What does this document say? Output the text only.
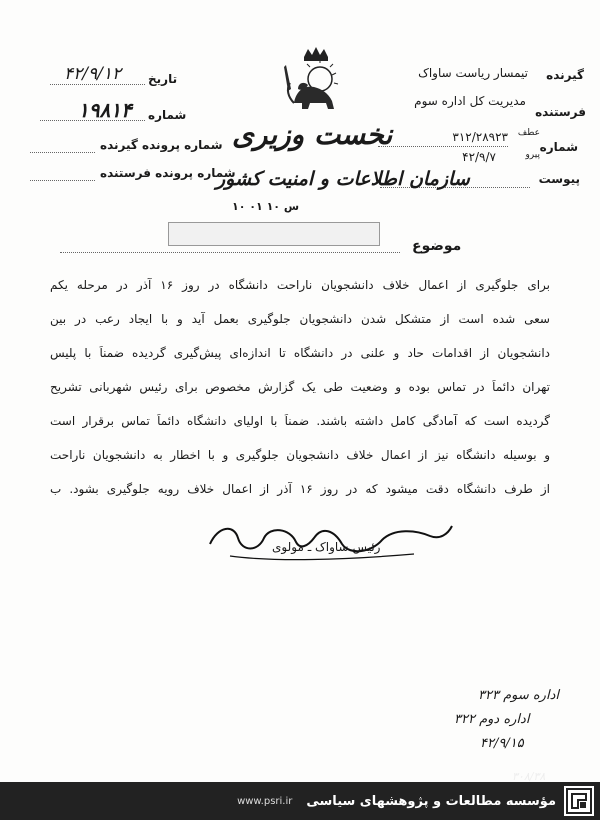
گیرنده
تیمسار ریاست ساواک
فرستنده
مدیریت کل اداره سوم
شماره
عطف
پیرو
۳۱۲/۲۸۹۲۳
۴۲/۹/۷
پیوست
نخست وزیری
سازمان اطلاعات و امنیت کشور
س ۱۰ ۰۱ ۱۰
تاریخ
۴۲/۹/۱۲
شماره
۱۹۸۱۴
شماره پرونده گیرنده
شماره پرونده فرستنده
موضوع
برای جلوگیری از اعمال خلاف دانشجویان ناراحت دانشگاه در روز ۱۶ آذر در مرحله یکم
سعی شده است از متشکل شدن دانشجویان جلوگیری بعمل آید و با ایجاد رعب در بین
دانشجویان از اقدامات حاد و علنی در دانشگاه تا اندازه‌ای پیش‌گیری گردیده ضمناً با پلیس
تهران دائماً در تماس بوده و وضعیت طی یک گزارش مخصوص برای رئیس شهربانی تشریح
گردیده است که آمادگی کامل داشته باشند. ضمناً با اولیای دانشگاه دائماً تماس برقرار است
و بوسیله دانشگاه نیز از اعمال خلاف دانشجویان جلوگیری و با اخطار به دانشجویان ناراحت
از طرف دانشگاه دقت میشود که در روز ۱۶ آذر از اعمال خلاف رویه جلوگیری بشود. ب
رئیس ساواک ـ مولوی
اداره سوم ۳۲۳
اداره دوم ۳۲۲
۴۲/۹/۱۵
۳۰۸/۳۸
مؤسسه مطالعات و پژوهشهای سیاسی
www.psri.ir
